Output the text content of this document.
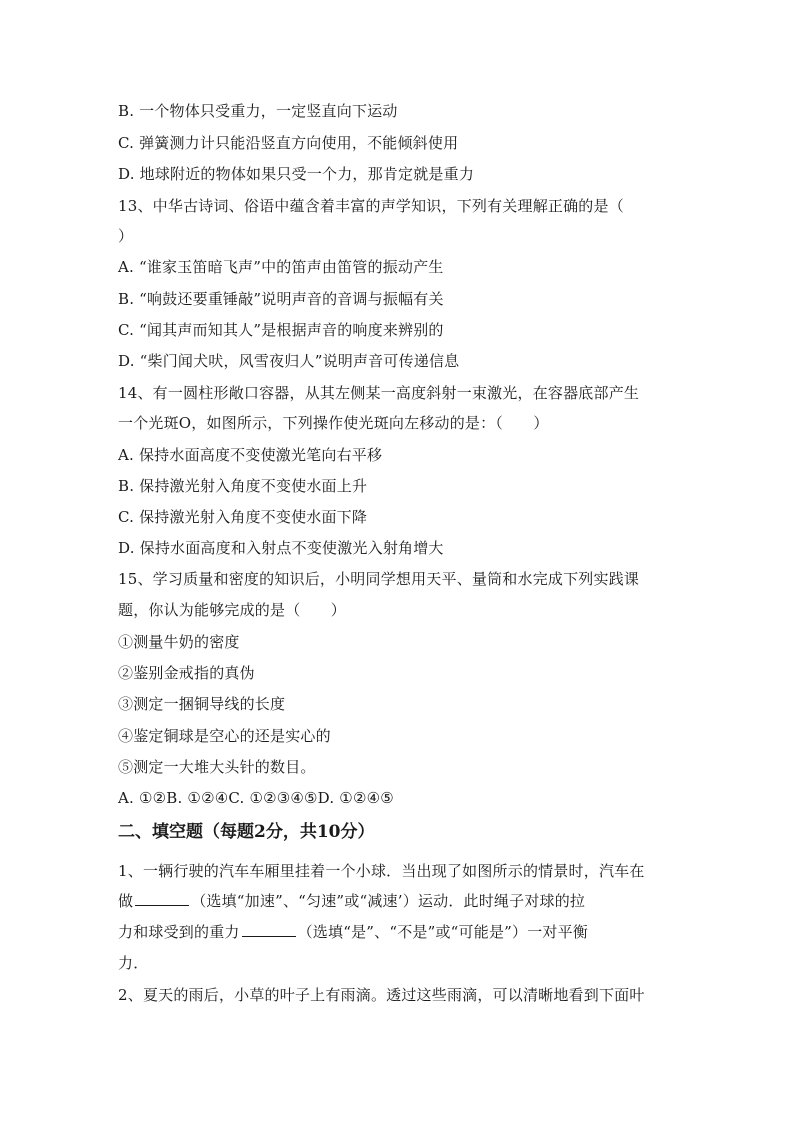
B. 一个物体只受重力，一定竖直向下运动
C. 弹簧测力计只能沿竖直方向使用，不能倾斜使用
D. 地球附近的物体如果只受一个力，那肯定就是重力
13、中华古诗词、俗语中蕴含着丰富的声学知识，下列有关理解正确的是（
）
A. “谁家玉笛暗飞声”中的笛声由笛管的振动产生
B. “响鼓还要重锤敲”说明声音的音调与振幅有关
C. “闻其声而知其人”是根据声音的响度来辨别的
D. “柴门闻犬吠，风雪夜归人”说明声音可传递信息
14、有一圆柱形敞口容器，从其左侧某一高度斜射一束激光，在容器底部产生
一个光斑O，如图所示，下列操作使光斑向左移动的是：（　　）
A. 保持水面高度不变使激光笔向右平移
B. 保持激光射入角度不变使水面上升
C. 保持激光射入角度不变使水面下降
D. 保持水面高度和入射点不变使激光入射角增大
15、学习质量和密度的知识后，小明同学想用天平、量筒和水完成下列实践课
题，你认为能够完成的是（　　）
①测量牛奶的密度
②鉴别金戒指的真伪
③测定一捆铜导线的长度
④鉴定铜球是空心的还是实心的
⑤测定一大堆大头针的数目。
A. ①②B. ①②④C. ①②③④⑤D. ①②④⑤
二、填空题（每题2分，共10分）
1、一辆行驶的汽车车厢里挂着一个小球．当出现了如图所示的情景时，汽车在
做	（选填“加速”、“匀速”或“减速’）运动．此时绳子对球的拉
力和球受到的重力	（选填“是”、“不是”或“可能是”）一对平衡
力．
2、夏天的雨后，小草的叶子上有雨滴。透过这些雨滴，可以清晰地看到下面叶
